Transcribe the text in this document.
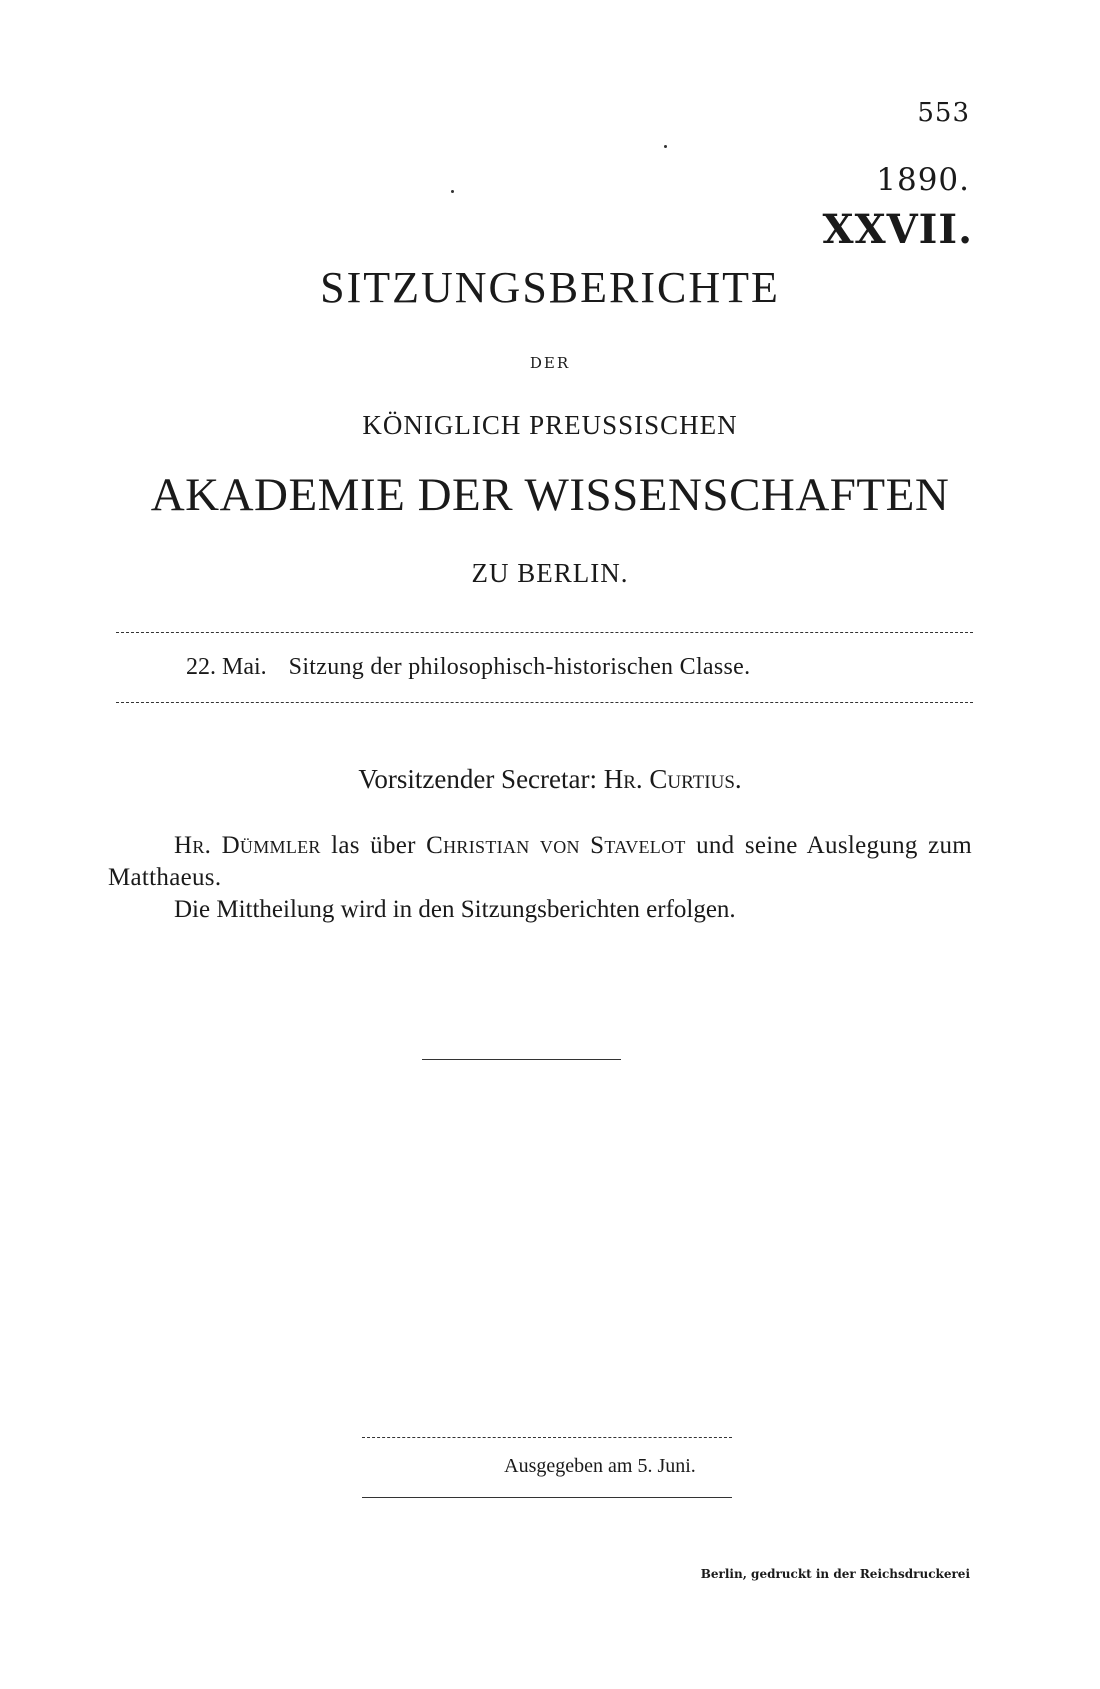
553
1890.
XXVII.
SITZUNGSBERICHTE
DER
KÖNIGLICH PREUSSISCHEN
AKADEMIE DER WISSENSCHAFTEN
ZU BERLIN.
22. Mai. Sitzung der philosophisch-historischen Classe.
Vorsitzender Secretar: Hr. Curtius.

Hr. Dümmler las über Christian von Stavelot und seine Auslegung zum Matthaeus.

Die Mittheilung wird in den Sitzungsberichten erfolgen.

Ausgegeben am 5. Juni.
Berlin, gedruckt in der Reichsdruckerei
